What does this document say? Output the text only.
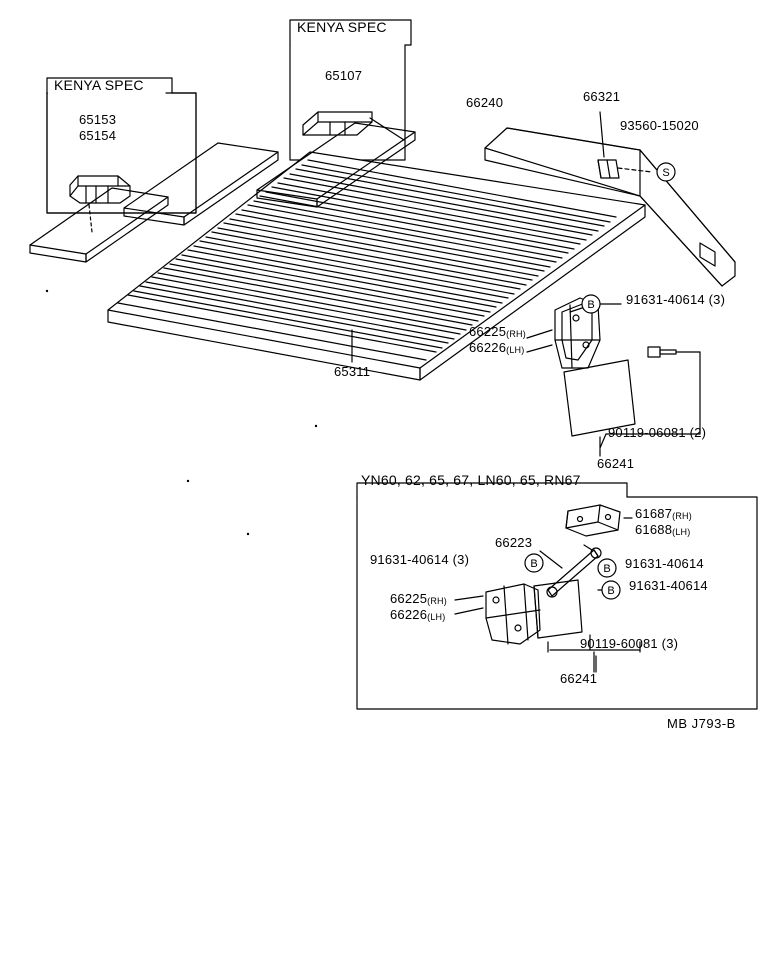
S
B
B	B
B
KENYA SPEC
KENYA SPEC
YN60, 62, 65, 67, LN60, 65, RN67
65153
65154
65107
66240	66321
93560-15020
65311
91631-40614 (3)
66225(RH)
66226(LH)
90119-06081 (2)
66241
61687(RH)
61688(LH)
66223
91631-40614 (3)	91631-40614
91631-40614
66225(RH)
66226(LH)
90119-60081 (3)
66241
MB J793-B
